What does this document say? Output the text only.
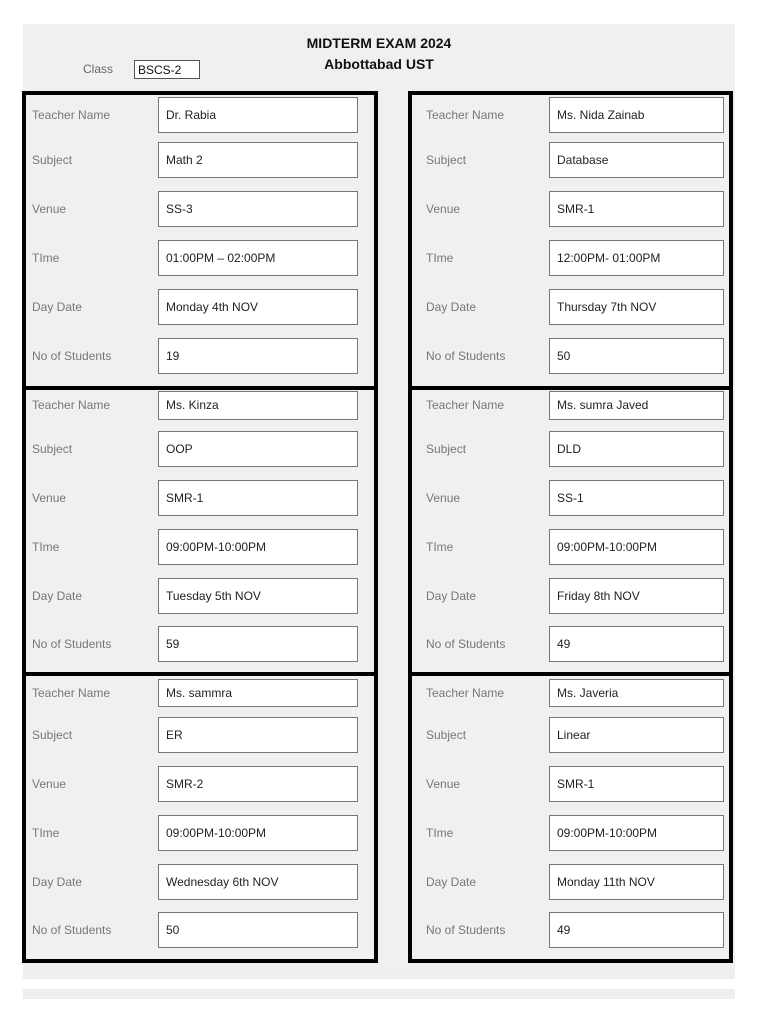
MIDTERM EXAM 2024
Abbottabad UST
Class	BSCS-2
Teacher Name	Dr. Rabia
Subject	Math 2
Venue	SS-3
TIme	01:00PM – 02:00PM
Day Date	Monday 4th NOV
No of Students	19
Teacher Name	Ms. Nida Zainab
Subject	Database
Venue	SMR-1
TIme	12:00PM- 01:00PM
Day Date	Thursday 7th NOV
No of Students	50
Teacher Name	Ms. Kinza
Subject	OOP
Venue	SMR-1
TIme	09:00PM-10:00PM
Day Date	Tuesday 5th NOV
No of Students	59
Teacher Name	Ms. sumra Javed
Subject	DLD
Venue	SS-1
TIme	09:00PM-10:00PM
Day Date	Friday 8th NOV
No of Students	49
Teacher Name	Ms. sammra
Subject	ER
Venue	SMR-2
TIme	09:00PM-10:00PM
Day Date	Wednesday 6th NOV
No of Students	50
Teacher Name	Ms. Javeria
Subject	Linear
Venue	SMR-1
TIme	09:00PM-10:00PM
Day Date	Monday 11th NOV
No of Students	49
